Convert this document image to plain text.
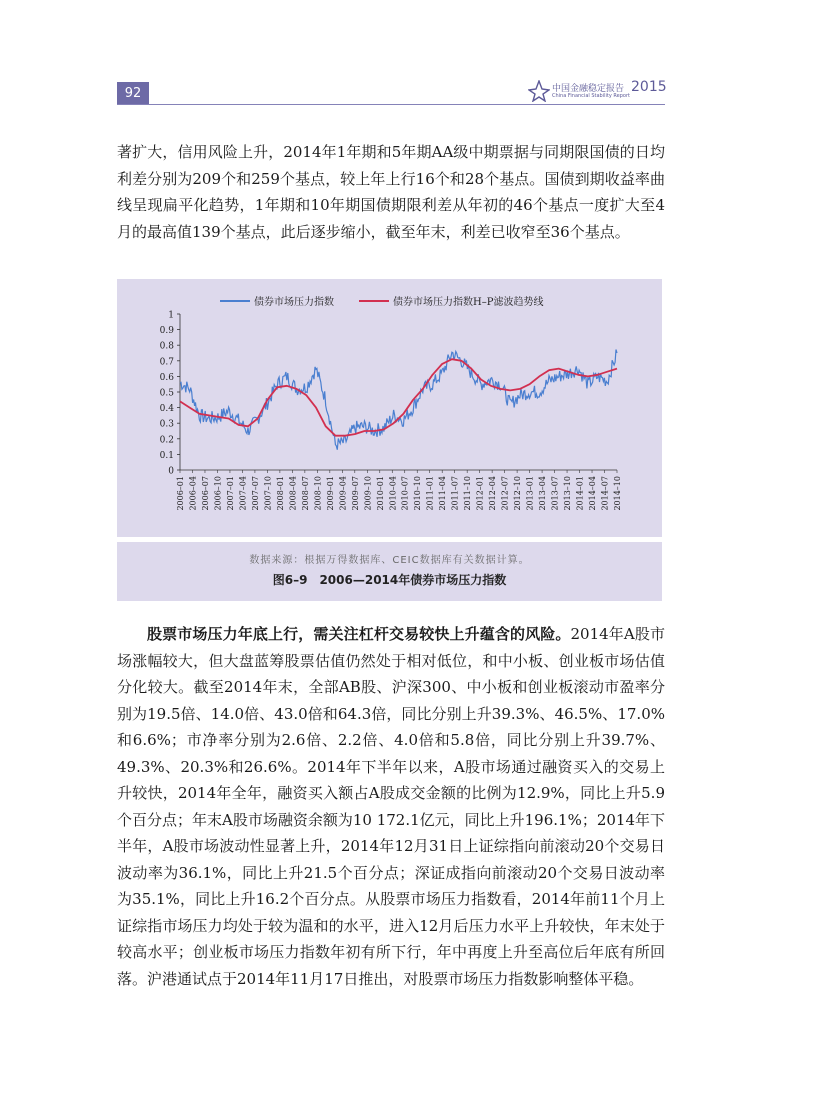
92	中国金融稳定报告 2015
China Financial Stability Report

著扩大，信用风险上升，2014年1年期和5年期AA级中期票据与同期限国债的日均利差分别为209个和259个基点，较上年上行16个和28个基点。国债到期收益率曲线呈现扁平化趋势，1年期和10年期国债期限利差从年初的46个基点一度扩大至4月的最高值139个基点，此后逐步缩小，截至年末，利差已收窄至36个基点。

0
0.1
0.2
0.3
0.4
0.5
0.6
0.7
0.8
0.9
1
2006–01 2006–04 2006–07 2006–10 2007–01 2007–04 2007–07 2007–10 2008–01 2008–04 2008–07 2008–10 2009–01 2009–04 2009–07 2009–10 2010–01 2010–04 2010–07 2010–10 2011–01 2011–04 2011–07 2011–10 2012–01 2012–04 2012–07 2012–10 2013–01 2013–04 2013–07 2013–10 2014–01 2014–04 2014–07 2014–10
债券市场压力指数	债券市场压力指数H–P滤波趋势线
数据来源：根据万得数据库、CEIC数据库有关数据计算。
图6–9　2006—2014年债券市场压力指数

股票市场压力年底上行，需关注杠杆交易较快上升蕴含的风险。2014年A股市场涨幅较大，但大盘蓝筹股票估值仍然处于相对低位，和中小板、创业板市场估值分化较大。截至2014年末，全部AB股、沪深300、中小板和创业板滚动市盈率分别为19.5倍、14.0倍、43.0倍和64.3倍，同比分别上升39.3%、46.5%、17.0%和6.6%；市净率分别为2.6倍、2.2倍、4.0倍和5.8倍，同比分别上升39.7%、49.3%、20.3%和26.6%。2014年下半年以来，A股市场通过融资买入的交易上升较快，2014年全年，融资买入额占A股成交金额的比例为12.9%，同比上升5.9个百分点；年末A股市场融资余额为10 172.1亿元，同比上升196.1%；2014年下半年，A股市场波动性显著上升，2014年12月31日上证综指向前滚动20个交易日波动率为36.1%，同比上升21.5个百分点；深证成指向前滚动20个交易日波动率为35.1%，同比上升16.2个百分点。从股票市场压力指数看，2014年前11个月上证综指市场压力均处于较为温和的水平，进入12月后压力水平上升较快，年末处于较高水平；创业板市场压力指数年初有所下行，年中再度上升至高位后年底有所回落。沪港通试点于2014年11月17日推出，对股票市场压力指数影响整体平稳。
